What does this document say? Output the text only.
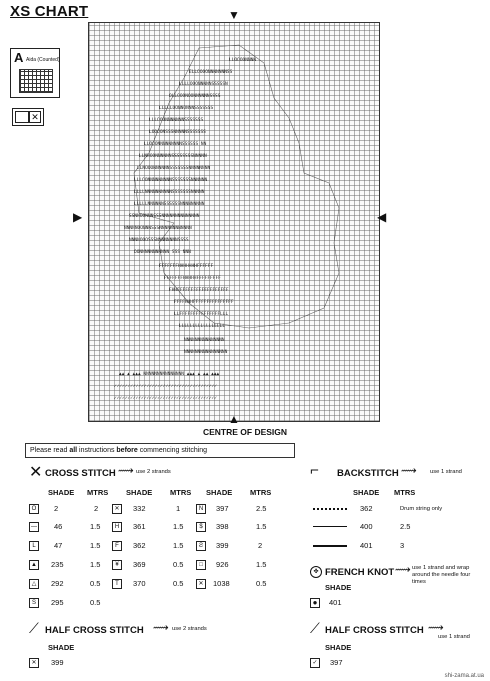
XS CHART
A Aida (Counted)
✕
LLOOOONNNN
ELLOOOONNNNNNNSS
LLLLOOONNNNNSSSSSN
OLLOOONOONNNNNNSSSS
LLLLLOONNONNNSSSSSSS
LLLOOONNNNNNNSSSSSSS
LOOOONSSSNNNNNSSSSSSS
LLOOONNNNNNNNNSSSSSS NN
LLNNOONNNNNNSSSSSSSSNNNNN
LLNOOONNNNNNSSSSSSSNNNNNNNN
LLLOONNNNNNNNNSSSSSSSNNNNNN
LLLLNNNNNNNNNNSSSSSSSNNNNN
LLLLLNNNNNNSSSSSSNNNNNNNNN
SSNNOONNNSSSNNNNNNNNNNNNNN
NNNNNOONNNSSSNNNNNNNNNNNN
NNNNOOOSSSNNNNNNNNSSSS
OONNNNNNNNNNN SSS NNN
FFFFFFFHHHHHHHFFFFFF
FFFFFFFHHHHHFFFFFFFFF
FHHFFFFFFFFFFFFFFFFFFF
FFFFHHHFFFFFFFFFFFFFFF
LLFFFFFFFFFFFFFFFLLL
LLLLLLLLLLLLLLLLL
NNNNNNNNNNNNNNN
NNNNNNNNNNNNNNNN
▲▲ ▲ ▲▲▲ NNNNNNNNNNNNNNN ▲▲▲ ▲ ▲▲ ▲▲▲
✓✓✓✓✓✓✓✓✓✓✓✓✓✓✓✓✓✓✓✓✓✓✓✓✓✓✓✓✓✓✓✓✓✓✓✓✓✓
✓✓✓✓✓✓✓✓✓✓✓✓✓✓✓✓✓✓✓✓✓✓✓✓✓✓✓✓✓✓✓✓✓✓✓✓✓✓
▼
▲
▶	◀
CENTRE OF DESIGN
Please read all instructions before commencing stitching
✕ CROSS STITCH ⟿ use 2 strands
SHADE MTRS SHADE MTRS SHADE MTRS
O	2	2
— 46	1.5
L	47	1.5
▲ 235	1.5
△	292	0.5
S	295	0.5
✕	332	1
H	361	1.5
F	362	1.5
¥	369	0.5
T	370	0.5
N	397	2.5
$	398	1.5
Ƨ	399	2
□	926	1.5
✕	1038	0.5
⌐ BACKSTITCH ⟿ use 1 strand
SHADE MTRS
362	Drum string only
400	2.5
401	3
✤ FRENCH KNOT ⟿ use 1 strand and wrap around the needle four times
SHADE
●	401
⟋ HALF CROSS STITCH ⟿ use 2 strands
SHADE
✕	399
⟋ HALF CROSS STITCH ⟿
use 1 strand
SHADE
✓	397
shi-zama.at.ua
